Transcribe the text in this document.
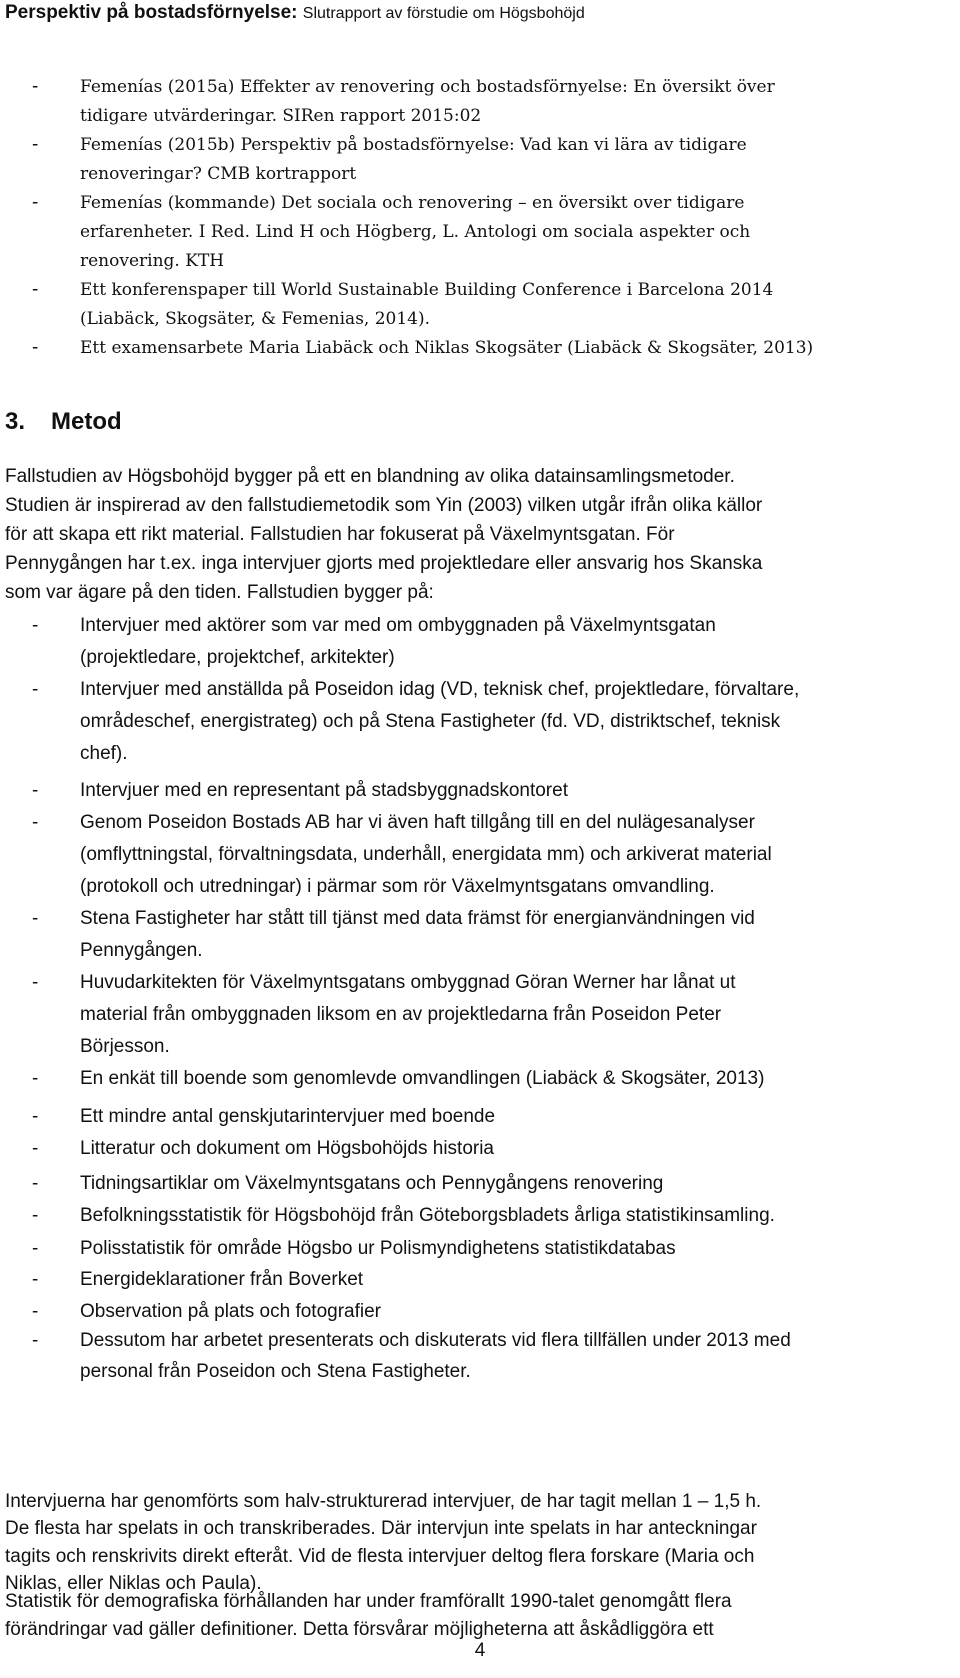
Perspektiv på bostadsförnyelse: Slutrapport av förstudie om Högsbohöjd
- Femenías (2015a) Effekter av renovering och bostadsförnyelse: En översikt över
tidigare utvärderingar. SIRen rapport 2015:02
- Femenías (2015b) Perspektiv på bostadsförnyelse: Vad kan vi lära av tidigare
renoveringar? CMB kortrapport
- Femenías (kommande) Det sociala och renovering – en översikt over tidigare
erfarenheter. I Red. Lind H och Högberg, L. Antologi om sociala aspekter och
renovering. KTH
- Ett konferenspaper till World Sustainable Building Conference i Barcelona 2014
(Liabäck, Skogsäter, & Femenias, 2014).
- Ett examensarbete Maria Liabäck och Niklas Skogsäter (Liabäck & Skogsäter, 2013)
3. Metod
Fallstudien av Högsbohöjd bygger på ett en blandning av olika datainsamlingsmetoder.
Studien är inspirerad av den fallstudiemetodik som Yin (2003) vilken utgår ifrån olika källor
för att skapa ett rikt material. Fallstudien har fokuserat på Växelmyntsgatan. För
Pennygången har t.ex. inga intervjuer gjorts med projektledare eller ansvarig hos Skanska
som var ägare på den tiden. Fallstudien bygger på:
- Intervjuer med aktörer som var med om ombyggnaden på Växelmyntsgatan
(projektledare, projektchef, arkitekter)
- Intervjuer med anställda på Poseidon idag (VD, teknisk chef, projektledare, förvaltare,
områdeschef, energistrateg) och på Stena Fastigheter (fd. VD, distriktschef, teknisk
chef).
- Intervjuer med en representant på stadsbyggnadskontoret
- Genom Poseidon Bostads AB har vi även haft tillgång till en del nulägesanalyser
(omflyttningstal, förvaltningsdata, underhåll, energidata mm) och arkiverat material
(protokoll och utredningar) i pärmar som rör Växelmyntsgatans omvandling.
- Stena Fastigheter har stått till tjänst med data främst för energianvändningen vid
Pennygången.
- Huvudarkitekten för Växelmyntsgatans ombyggnad Göran Werner har lånat ut
material från ombyggnaden liksom en av projektledarna från Poseidon Peter
Börjesson.
- En enkät till boende som genomlevde omvandlingen (Liabäck & Skogsäter, 2013)
- Ett mindre antal genskjutarintervjuer med boende
- Litteratur och dokument om Högsbohöjds historia
- Tidningsartiklar om Växelmyntsgatans och Pennygångens renovering
- Befolkningsstatistik för Högsbohöjd från Göteborgsbladets årliga statistikinsamling.
- Polisstatistik för område Högsbo ur Polismyndighetens statistikdatabas
- Energideklarationer från Boverket
- Observation på plats och fotografier
- Dessutom har arbetet presenterats och diskuterats vid flera tillfällen under 2013 med
personal från Poseidon och Stena Fastigheter.
Intervjuerna har genomförts som halv-strukturerad intervjuer, de har tagit mellan 1 – 1,5 h.
De flesta har spelats in och transkriberades. Där intervjun inte spelats in har anteckningar
tagits och renskrivits direkt efteråt. Vid de flesta intervjuer deltog flera forskare (Maria och
Niklas, eller Niklas och Paula).
Statistik för demografiska förhållanden har under framförallt 1990-talet genomgått flera
förändringar vad gäller definitioner. Detta försvårar möjligheterna att åskådliggöra ett
4
